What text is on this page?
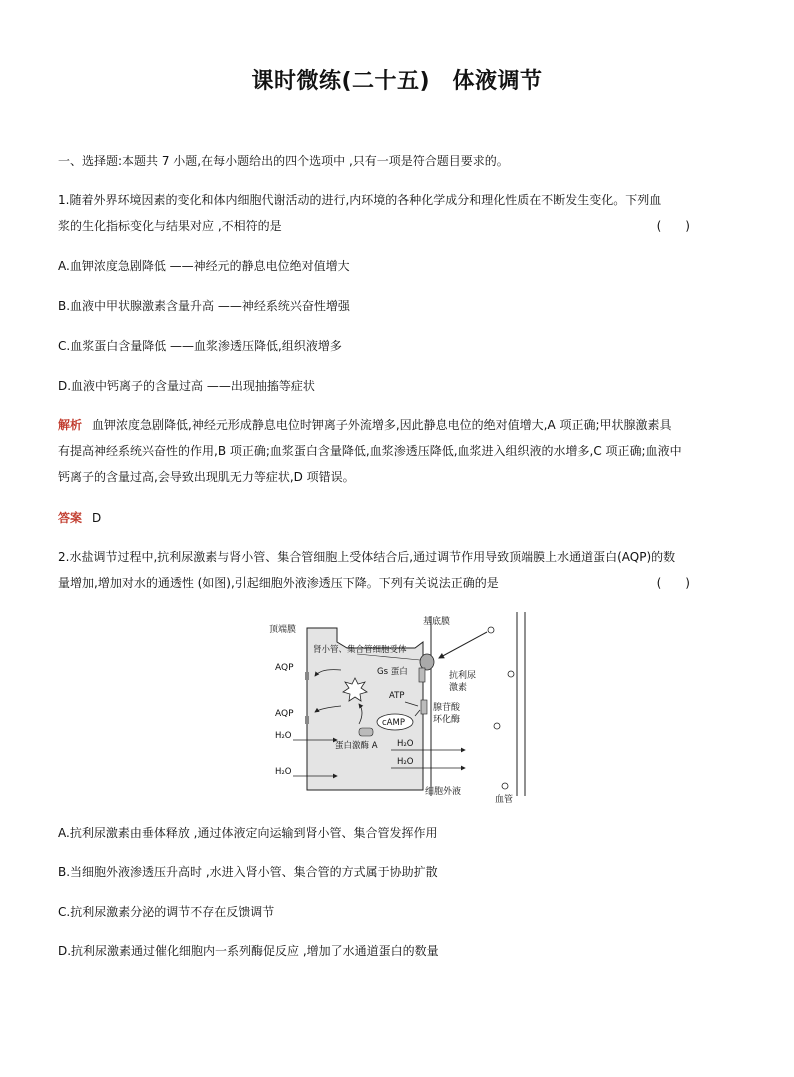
课时微练(二十五)　体液调节
一、选择题:本题共 7 小题,在每小题给出的四个选项中 ,只有一项是符合题目要求的。
1.随着外界环境因素的变化和体内细胞代谢活动的进行,内环境的各种化学成分和理化性质在不断发生变化。下列血
浆的生化指标变化与结果对应 ,不相符的是	(　　)
A.血钾浓度急剧降低 ——神经元的静息电位绝对值增大
B.血液中甲状腺激素含量升高 ——神经系统兴奋性增强
C.血浆蛋白含量降低 ——血浆渗透压降低,组织液增多
D.血液中钙离子的含量过高 ——出现抽搐等症状
解析 血钾浓度急剧降低,神经元形成静息电位时钾离子外流增多,因此静息电位的绝对值增大,A 项正确;甲状腺激素具
有提高神经系统兴奋性的作用,B 项正确;血浆蛋白含量降低,血浆渗透压降低,血浆进入组织液的水增多,C 项正确;血液中
钙离子的含量过高,会导致出现肌无力等症状,D 项错误。
答案 D
2.水盐调节过程中,抗利尿激素与肾小管、集合管细胞上受体结合后,通过调节作用导致顶端膜上水通道蛋白(AQP)的数
量增加,增加对水的通透性 (如图),引起细胞外液渗透压下降。下列有关说法正确的是	(　　)
顶端膜
基底膜
肾小管、集合管细胞受体
Gs 蛋白	抗利尿
激素
ATP
腺苷酸
环化酶
cAMP
蛋白激酶 A
AQP
AQP
H₂O
H₂O
H₂O
H₂O
细胞外液
血管
A.抗利尿激素由垂体释放 ,通过体液定向运输到肾小管、集合管发挥作用
B.当细胞外液渗透压升高时 ,水进入肾小管、集合管的方式属于协助扩散
C.抗利尿激素分泌的调节不存在反馈调节
D.抗利尿激素通过催化细胞内一系列酶促反应 ,增加了水通道蛋白的数量
